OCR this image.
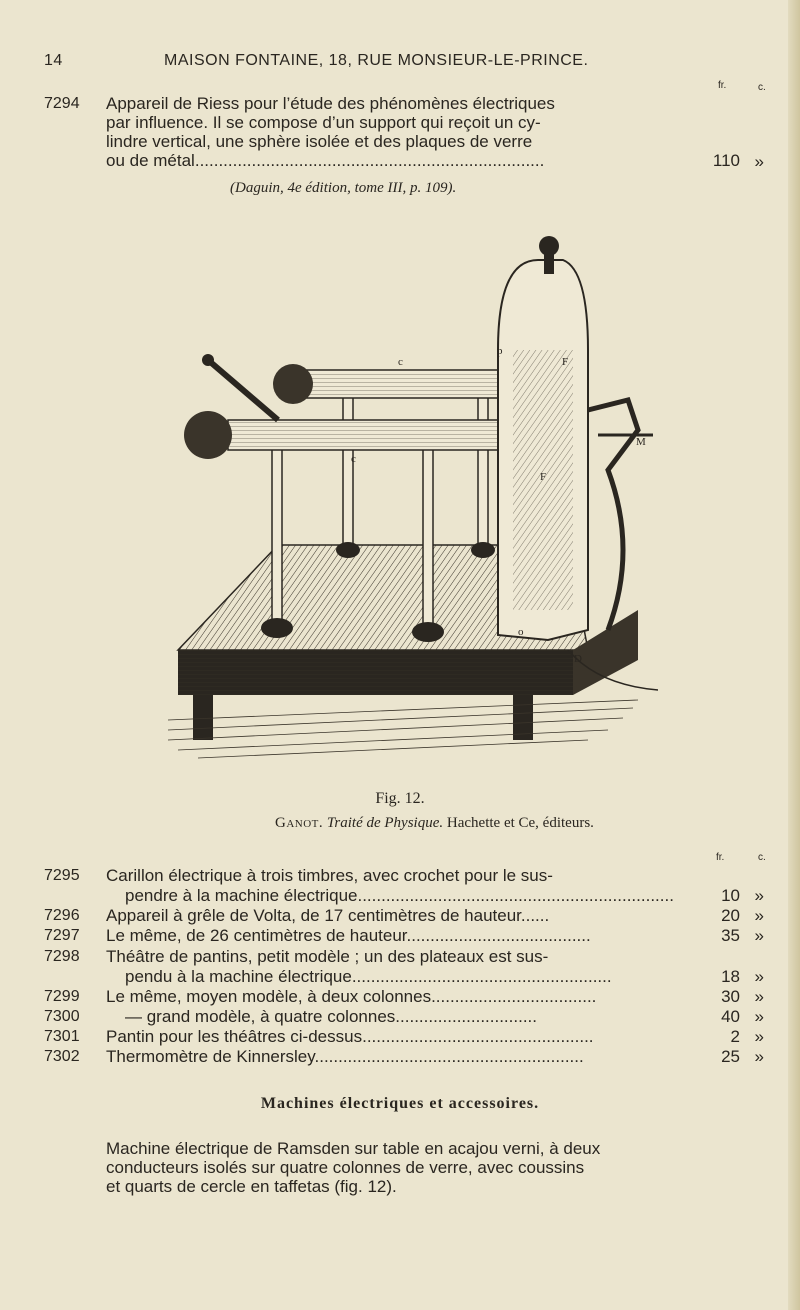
14	MAISON FONTAINE, 18, RUE MONSIEUR-LE-PRINCE.
fr.	c.
7294	Appareil de Riess pour l’étude des phénomènes électriques
par influence. Il se compose d’un support qui reçoit un cy-
lindre vertical, une sphère isolée et des plaques de verre
ou de métal..........................................................................	110 »
(Daguin, 4e édition, tome III, p. 109).
c
c
p
F
M
F
o
D
Fig. 12.
Ganot. Traité de Physique. Hachette et Ce, éditeurs.
fr.	c.
7295	Carillon électrique à trois timbres, avec crochet pour le sus-
pendre à la machine électrique...................................................................	10 »
7296	Appareil à grêle de Volta, de 17 centimètres de hauteur......	20 »
7297	Le même, de 26 centimètres de hauteur.......................................	35 »
7298	Théâtre de pantins, petit modèle ; un des plateaux est sus-
pendu à la machine électrique.......................................................	18 »
7299	Le même, moyen modèle, à deux colonnes...................................	30 »
7300	— grand modèle, à quatre colonnes..............................	40 »
7301	Pantin pour les théâtres ci-dessus.................................................	2 »
7302	Thermomètre de Kinnersley.........................................................	25 »
Machines électriques et accessoires.
Machine électrique de Ramsden sur table en acajou verni, à deux
conducteurs isolés sur quatre colonnes de verre, avec coussins
et quarts de cercle en taffetas (fig. 12).
